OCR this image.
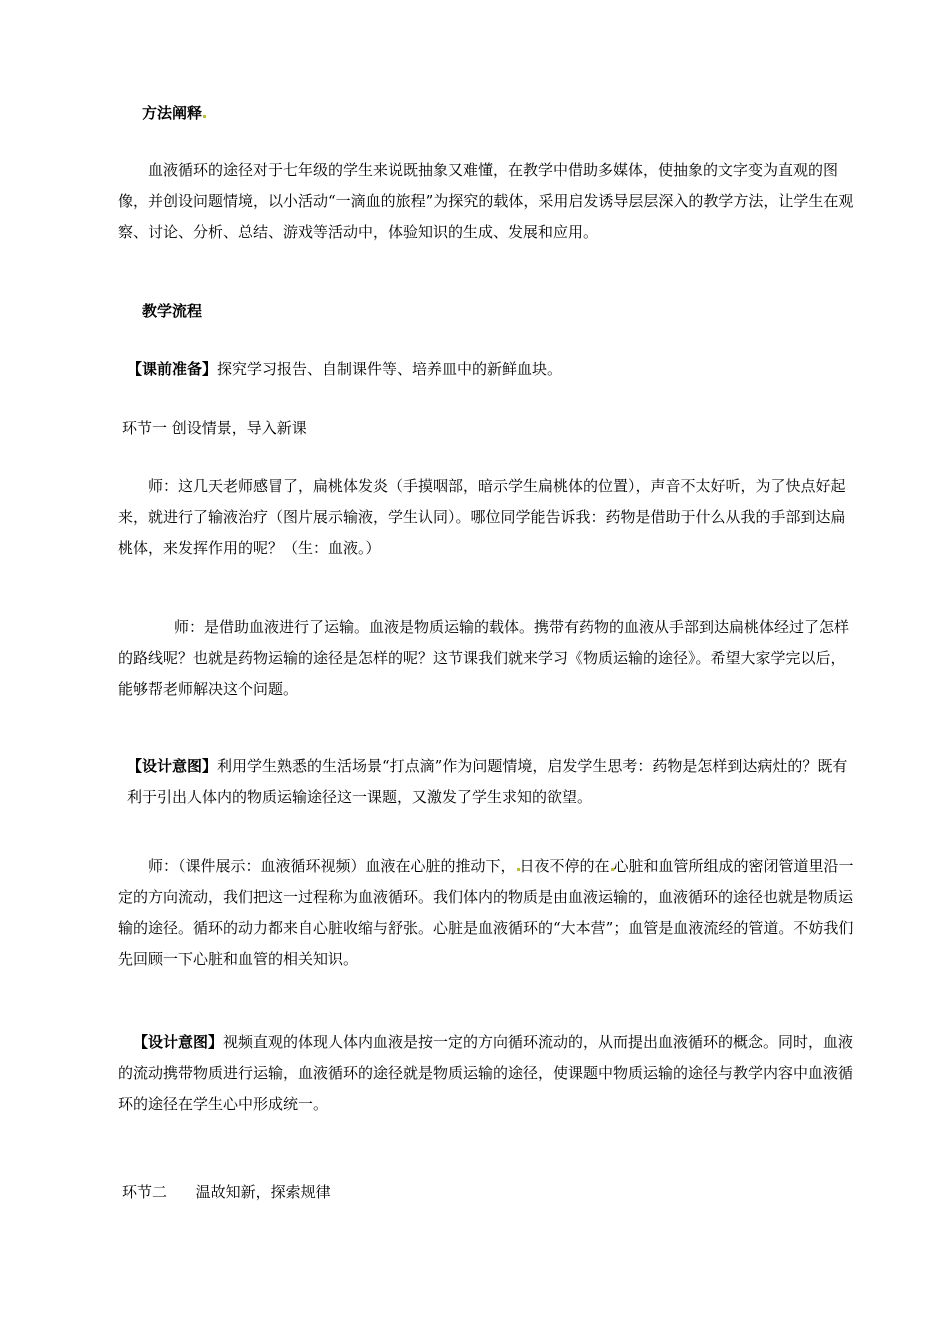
方法阐释

血液循环的途径对于七年级的学生来说既抽象又难懂，在教学中借助多媒体，使抽象的文字变为直观的图像，并创设问题情境，以小活动“一滴血的旅程”为探究的载体，采用启发诱导层层深入的教学方法，让学生在观察、讨论、分析、总结、游戏等活动中，体验知识的生成、发展和应用。

教学流程

【课前准备】探究学习报告、自制课件等、培养皿中的新鲜血块。

环节一 创设情景，导入新课

师：这几天老师感冒了，扁桃体发炎（手摸咽部，暗示学生扁桃体的位置），声音不太好听，为了快点好起来，就进行了输液治疗（图片展示输液，学生认同）。哪位同学能告诉我：药物是借助于什么从我的手部到达扁桃体，来发挥作用的呢？（生：血液。）

师：是借助血液进行了运输。血液是物质运输的载体。携带有药物的血液从手部到达扁桃体经过了怎样的路线呢？也就是药物运输的途径是怎样的呢？这节课我们就来学习《物质运输的途径》。希望大家学完以后，能够帮老师解决这个问题。

【设计意图】利用学生熟悉的生活场景“打点滴”作为问题情境，启发学生思考：药物是怎样到达病灶的？既有利于引出人体内的物质运输途径这一课题，又激发了学生求知的欲望。

师：（课件展示：血液循环视频）血液在心脏的推动下， 日夜不停的在 心脏和血管所组成的密闭管道里沿一定的方向流动，我们把这一过程称为血液循环。我们体内的物质是由血液运输的，血液循环的途径也就是物质运输的途径。循环的动力都来自心脏收缩与舒张。心脏是血液循环的“大本营”；血管是血液流经的管道。不妨我们先回顾一下心脏和血管的相关知识。

【设计意图】视频直观的体现人体内血液是按一定的方向循环流动的，从而提出血液循环的概念。同时，血液的流动携带物质进行运输，血液循环的途径就是物质运输的途径，使课题中物质运输的途径与教学内容中血液循环的途径在学生心中形成统一。

环节二      温故知新，探索规律
